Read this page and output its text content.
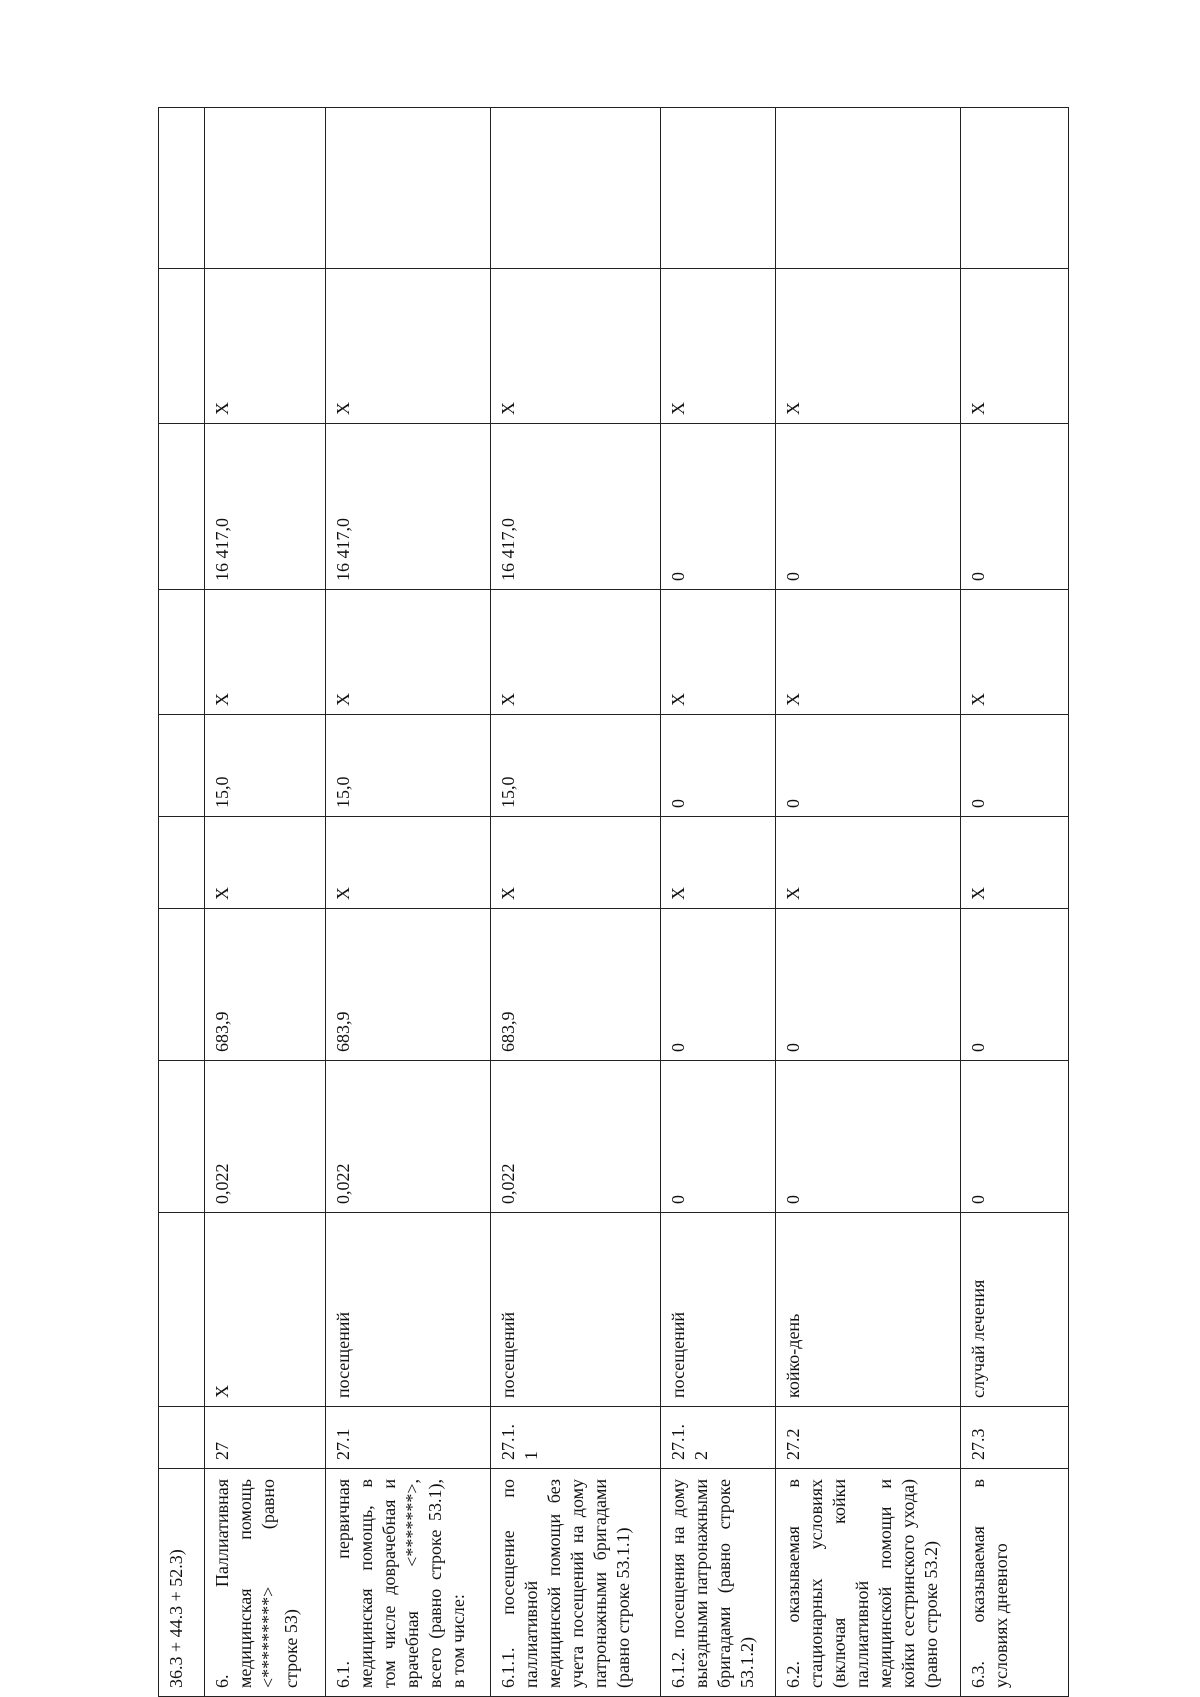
36.3 + 44.3 + 52.3)										
6. Паллиативная медицинская помощь <*********> (равно строке 53)	27	Х	0,022	683,9	Х	15,0	Х	16 417,0	Х	
6.1. первичная медицинская помощь, в том числе доврачебная и врачебная <*******>, всего (равно строке 53.1), в том числе:	27.1	посещений	0,022	683,9	Х	15,0	Х	16 417,0	Х	
6.1.1. посещение по паллиативной медицинской помощи без учета посещений на дому патронажными бригадами (равно строке 53.1.1)	27.1.1	посещений	0,022	683,9	Х	15,0	Х	16 417,0	Х	
6.1.2. посещения на дому выездными патронажными бригадами (равно строке 53.1.2)	27.1.2	посещений	0	0	Х	0	Х	0	Х	
6.2. оказываемая в стационарных условиях (включая койки паллиативной медицинской помощи и койки сестринского ухода) (равно строке 53.2)	27.2	койко-день	0	0	Х	0	Х	0	Х	
6.3. оказываемая в условиях дневного	27.3	случай лечения	0	0	Х	0	Х	0	Х	
